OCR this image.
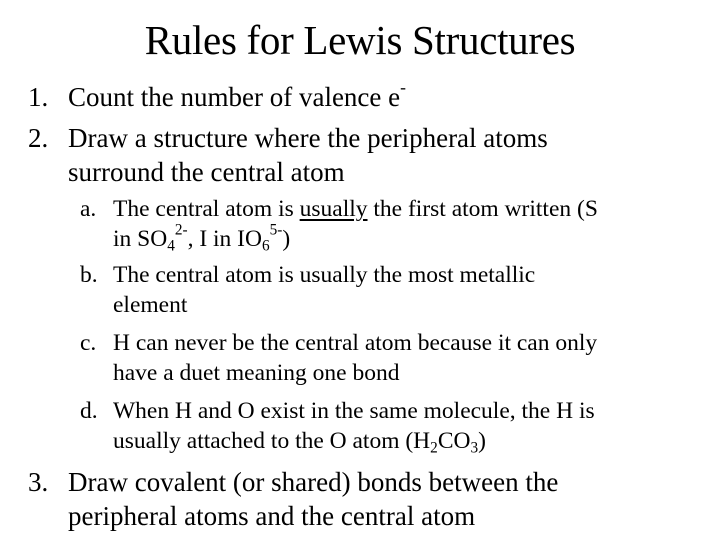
Rules for Lewis Structures
1. Count the number of valence e-
2. Draw a structure where the peripheral atoms
surround the central atom
a. The central atom is usually the first atom written (S
in $SO_4^{2-}$, I in $IO_6^{5-}$)
b. The central atom is usually the most metallic
element
c. H can never be the central atom because it can only
have a duet meaning one bond
d. When H and O exist in the same molecule, the H is
usually attached to the O atom $(H_2CO_3)$
3. Draw covalent (or shared) bonds between the
peripheral atoms and the central atom
